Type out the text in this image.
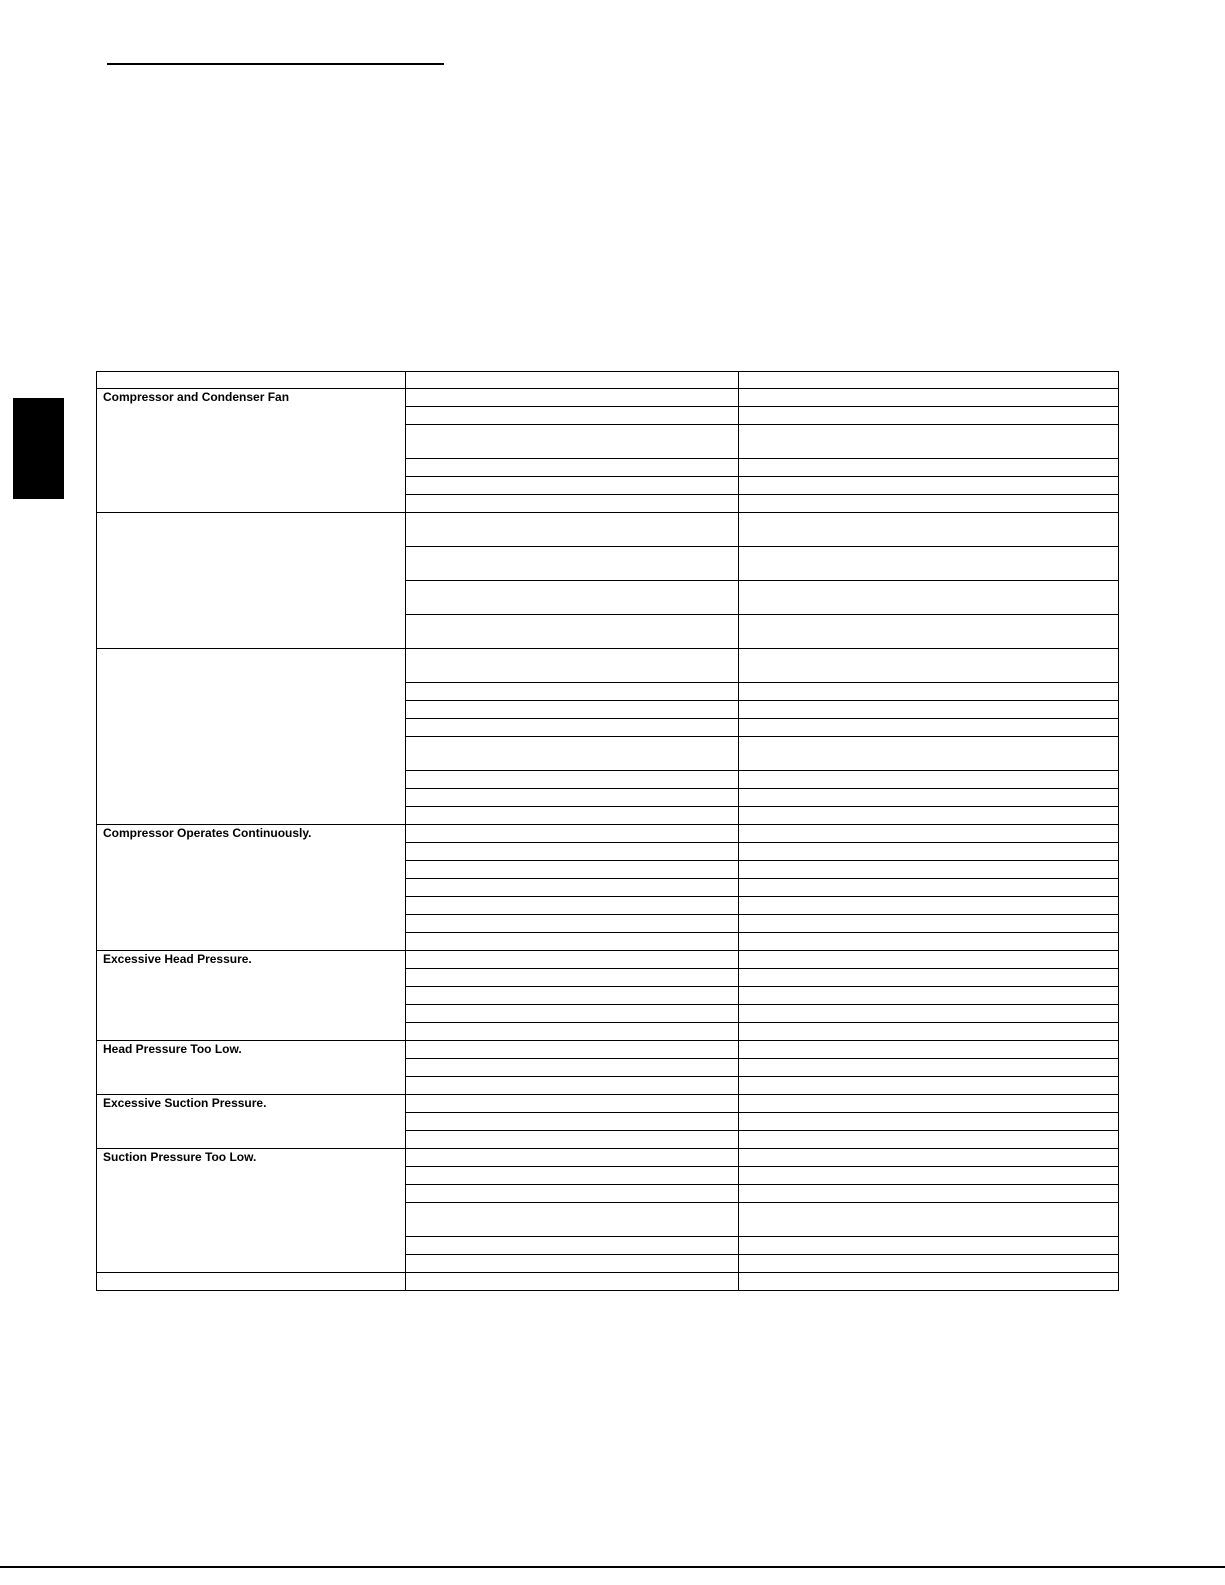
Compressor and Condenser Fan		

Compressor Operates Continuously.		

Excessive Head Pressure.		

Head Pressure Too Low.		

Excessive Suction Pressure.		

Suction Pressure Too Low.		
